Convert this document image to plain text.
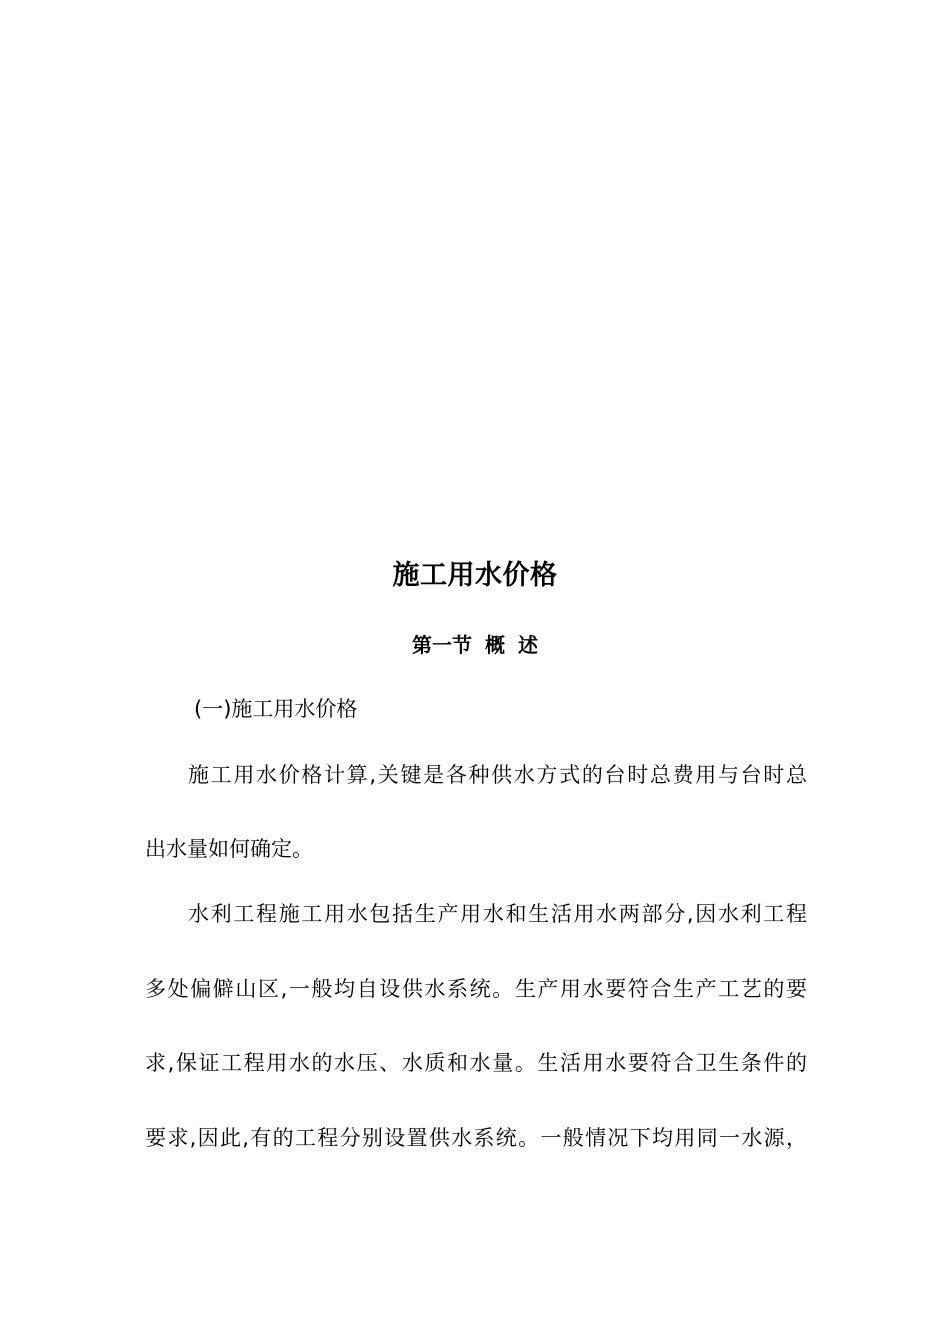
施工用水价格
第一节 概 述
(一)施工用水价格
施工用水价格计算,关键是各种供水方式的台时总费用与台时总
出水量如何确定。
水利工程施工用水包括生产用水和生活用水两部分,因水利工程
多处偏僻山区,一般均自设供水系统。生产用水要符合生产工艺的要
求,保证工程用水的水压、水质和水量。生活用水要符合卫生条件的
要求,因此,有的工程分别设置供水系统。一般情况下均用同一水源，
